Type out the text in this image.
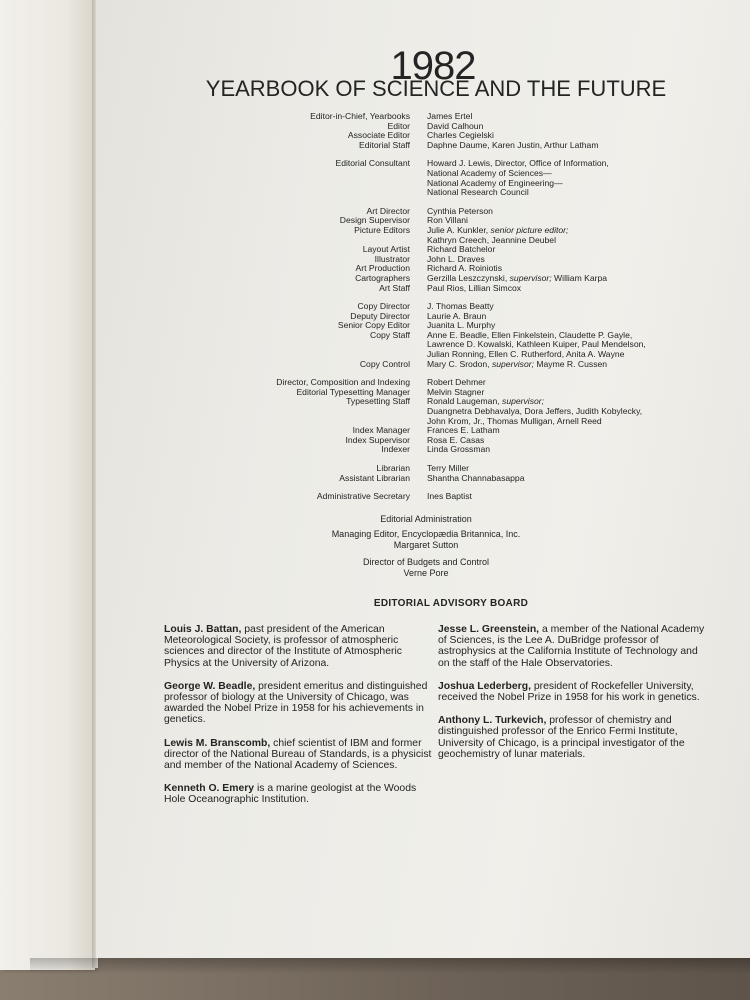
1982
YEARBOOK OF SCIENCE AND THE FUTURE
Editor-in-Chief, Yearbooks	James Ertel
Editor	David Calhoun
Associate Editor	Charles Cegielski
Editorial Staff	Daphne Daume, Karen Justin, Arthur Latham
Editorial Consultant	Howard J. Lewis, Director, Office of Information,
National Academy of Sciences—
National Academy of Engineering—
National Research Council
Art Director	Cynthia Peterson
Design Supervisor	Ron Villani
Picture Editors	Julie A. Kunkler, senior picture editor;
Kathryn Creech, Jeannine Deubel
Layout Artist	Richard Batchelor
Illustrator	John L. Draves
Art Production	Richard A. Roiniotis
Cartographers	Gerzilla Leszczynski, supervisor; William Karpa
Art Staff	Paul Rios, Lillian Simcox
Copy Director	J. Thomas Beatty
Deputy Director	Laurie A. Braun
Senior Copy Editor	Juanita L. Murphy
Copy Staff	Anne E. Beadle, Ellen Finkelstein, Claudette P. Gayle,
Lawrence D. Kowalski, Kathleen Kuiper, Paul Mendelson,
Julian Ronning, Ellen C. Rutherford, Anita A. Wayne
Copy Control	Mary C. Srodon, supervisor; Mayme R. Cussen
Director, Composition and Indexing	Robert Dehmer
Editorial Typesetting Manager	Melvin Stagner
Typesetting Staff	Ronald Laugeman, supervisor;
Duangnetra Debhavalya, Dora Jeffers, Judith Kobylecky,
John Krom, Jr., Thomas Mulligan, Arnell Reed
Index Manager	Frances E. Latham
Index Supervisor	Rosa E. Casas
Indexer	Linda Grossman
Librarian	Terry Miller
Assistant Librarian	Shantha Channabasappa
Administrative Secretary	Ines Baptist
Editorial Administration
Managing Editor, Encyclopædia Britannica, Inc.
Margaret Sutton
Director of Budgets and Control
Verne Pore
EDITORIAL ADVISORY BOARD
Louis J. Battan, past president of the American Meteorological Society, is professor of atmospheric sciences and director of the Institute of Atmospheric Physics at the University of Arizona.
George W. Beadle, president emeritus and distinguished professor of biology at the University of Chicago, was awarded the Nobel Prize in 1958 for his achievements in genetics.
Lewis M. Branscomb, chief scientist of IBM and former director of the National Bureau of Standards, is a physicist and member of the National Academy of Sciences.
Kenneth O. Emery is a marine geologist at the Woods Hole Oceanographic Institution.
Jesse L. Greenstein, a member of the National Academy of Sciences, is the Lee A. DuBridge professor of astrophysics at the California Institute of Technology and on the staff of the Hale Observatories.
Joshua Lederberg, president of Rockefeller University, received the Nobel Prize in 1958 for his work in genetics.
Anthony L. Turkevich, professor of chemistry and distinguished professor of the Enrico Fermi Institute, University of Chicago, is a principal investigator of the geochemistry of lunar materials.
